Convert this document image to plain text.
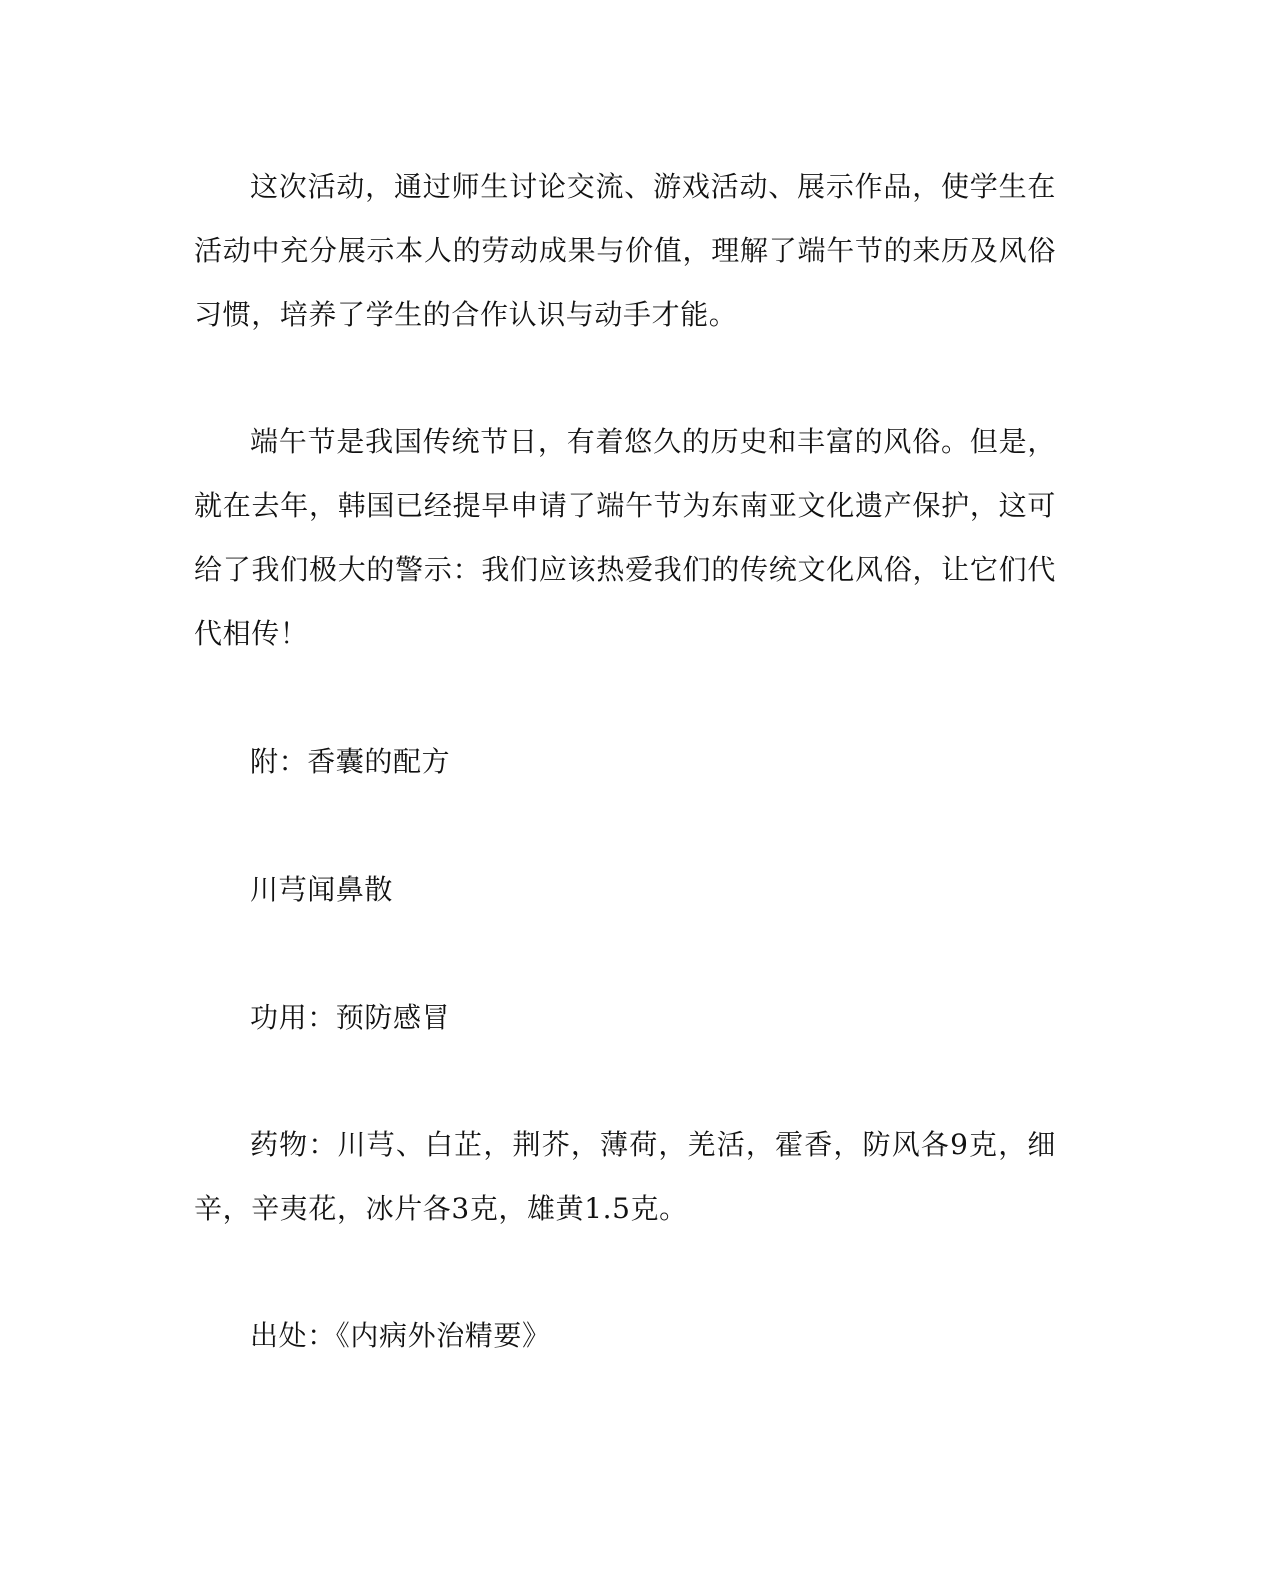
这次活动，通过师生讨论交流、游戏活动、展示作品，使学生在活动中充分展示本人的劳动成果与价值，理解了端午节的来历及风俗习惯，培养了学生的合作认识与动手才能。

端午节是我国传统节日，有着悠久的历史和丰富的风俗。但是，就在去年，韩国已经提早申请了端午节为东南亚文化遗产保护，这可给了我们极大的警示：我们应该热爱我们的传统文化风俗，让它们代代相传！

附：香囊的配方

川芎闻鼻散

功用：预防感冒

药物：川芎、白芷，荆芥，薄荷，羌活，霍香，防风各9克，细辛，辛夷花，冰片各3克，雄黄1.5克。

出处：《内病外治精要》
